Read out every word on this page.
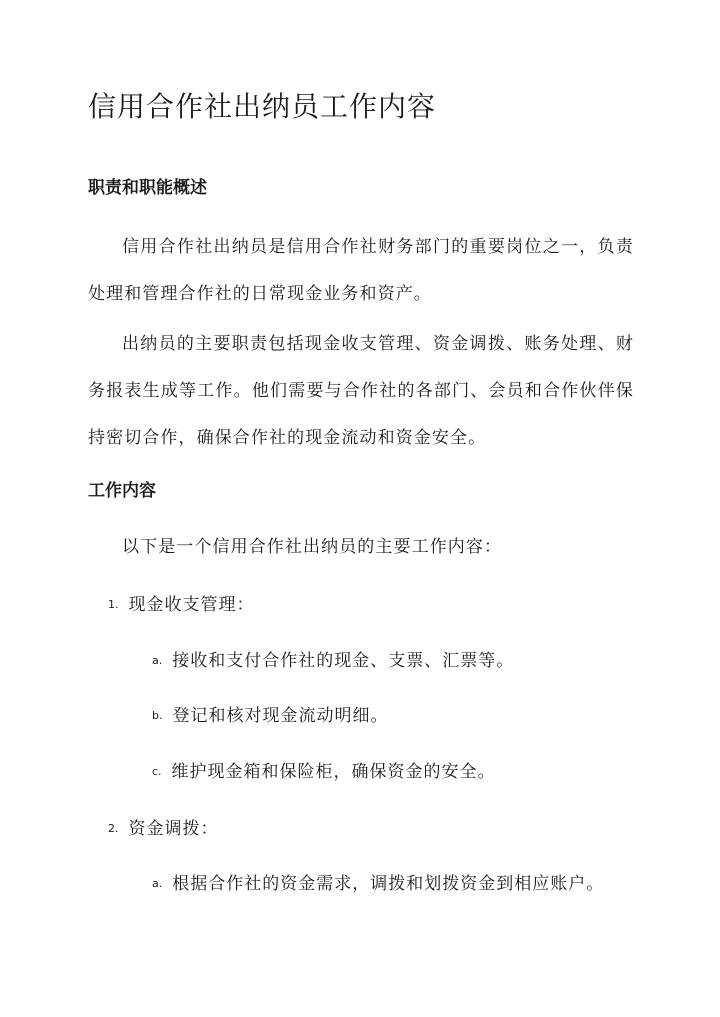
信用合作社出纳员工作内容
职责和职能概述

信用合作社出纳员是信用合作社财务部门的重要岗位之一，负责处理和管理合作社的日常现金业务和资产。

出纳员的主要职责包括现金收支管理、资金调拨、账务处理、财务报表生成等工作。他们需要与合作社的各部门、会员和合作伙伴保持密切合作，确保合作社的现金流动和资金安全。

工作内容

以下是一个信用合作社出纳员的主要工作内容：

1. 现金收支管理：
a. 接收和支付合作社的现金、支票、汇票等。
b. 登记和核对现金流动明细。
c. 维护现金箱和保险柜，确保资金的安全。
2. 资金调拨：
a. 根据合作社的资金需求，调拨和划拨资金到相应账户。
